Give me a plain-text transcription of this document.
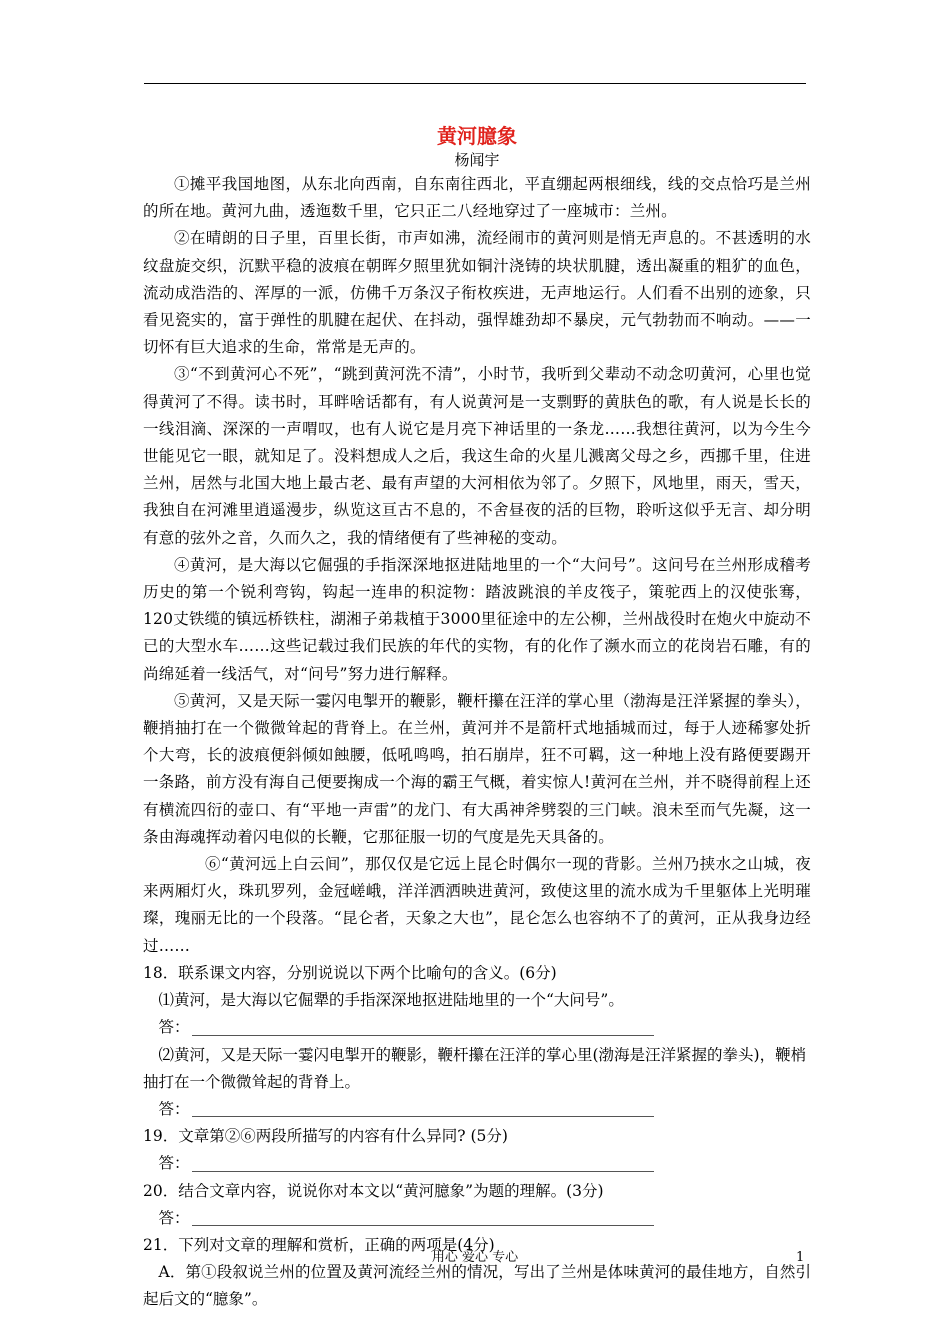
黄河臆象
杨闻宇

①摊平我国地图，从东北向西南，自东南往西北，平直绷起两根细线，线的交点恰巧是兰州的所在地。黄河九曲，透迤数千里，它只正二八经地穿过了一座城市：兰州。

②在晴朗的日子里，百里长街，市声如沸，流经闹市的黄河则是悄无声息的。不甚透明的水纹盘旋交织，沉默平稳的波痕在朝晖夕照里犹如铜汁浇铸的块状肌腱，透出凝重的粗犷的血色，流动成浩浩的、浑厚的一派，仿佛千万条汉子衔枚疾进，无声地运行。人们看不出别的迹象，只看见瓷实的，富于弹性的肌腱在起伏、在抖动，强悍雄劲却不暴戾，元气勃勃而不响动。——一切怀有巨大追求的生命，常常是无声的。

③“不到黄河心不死”，“跳到黄河洗不清”，小时节，我听到父辈动不动念叨黄河，心里也觉得黄河了不得。读书时，耳畔啥话都有，有人说黄河是一支剽野的黄肤色的歌，有人说是长长的一线泪滴、深深的一声喟叹，也有人说它是月亮下神话里的一条龙……我想往黄河，以为今生今世能见它一眼，就知足了。没料想成人之后，我这生命的火星儿溅离父母之乡，西挪千里，住进兰州，居然与北国大地上最古老、最有声望的大河相依为邻了。夕照下，风地里，雨天，雪天，我独自在河滩里逍遥漫步，纵览这亘古不息的，不舍昼夜的活的巨物，聆听这似乎无言、却分明有意的弦外之音，久而久之，我的情绪便有了些神秘的变动。

④黄河，是大海以它倔强的手指深深地抠进陆地里的一个“大问号”。这问号在兰州形成稽考历史的第一个锐利弯钩，钩起一连串的积淀物：踏波跳浪的羊皮筏子，策驼西上的汉使张骞，120丈铁缆的镇远桥铁柱，湖湘子弟栽植于3000里征途中的左公柳，兰州战役时在炮火中旋动不已的大型水车……这些记载过我们民族的年代的实物，有的化作了濒水而立的花岗岩石雕，有的尚绵延着一线活气，对“问号”努力进行解释。

⑤黄河，又是天际一霎闪电掣开的鞭影，鞭杆攥在汪洋的掌心里（渤海是汪洋紧握的拳头），鞭捎抽打在一个微微耸起的背脊上。在兰州，黄河并不是箭杆式地插城而过，每于人迹稀寥处折个大弯，长的波痕便斜倾如蝕腰，低吼鸣鸣，拍石崩岸，狂不可羁，这一种地上没有路便要踢开一条路，前方没有海自己便要掬成一个海的霸王气概，着实惊人!黄河在兰州，并不晓得前程上还有横流四衍的壶口、有“平地一声雷”的龙门、有大禹神斧劈裂的三门峡。浪未至而气先凝，这一条由海魂挥动着闪电似的长鞭，它那征服一切的气度是先天具备的。

⑥“黄河远上白云间”，那仅仅是它远上昆仑时偶尔一现的背影。兰州乃挟水之山城，夜来两厢灯火，珠玑罗列，金冠嵯峨，洋洋洒洒映进黄河，致使这里的流水成为千里躯体上光明璀璨，瑰丽无比的一个段落。“昆仑者，天象之大也”，昆仑怎么也容纳不了的黄河，正从我身边经过……

18．联系课文内容，分别说说以下两个比喻句的含义。(6分)

⑴黄河，是大海以它倔犟的手指深深地抠进陆地里的一个“大问号”。

答：

⑵黄河，又是天际一霎闪电掣开的鞭影，鞭杆攥在汪洋的掌心里(渤海是汪洋紧握的拳头)，鞭梢抽打在一个微微耸起的背脊上。

答：

19．文章第②⑥两段所描写的内容有什么异同? (5分)

答：

20．结合文章内容，说说你对本文以“黄河臆象”为题的理解。(3分)

答：

21．下列对文章的理解和赏析，正确的两项是(4分)

A．第①段叙说兰州的位置及黄河流经兰州的情况，写出了兰州是体味黄河的最佳地方，自然引起后文的“臆象”。

用心 爱心 专心	1
